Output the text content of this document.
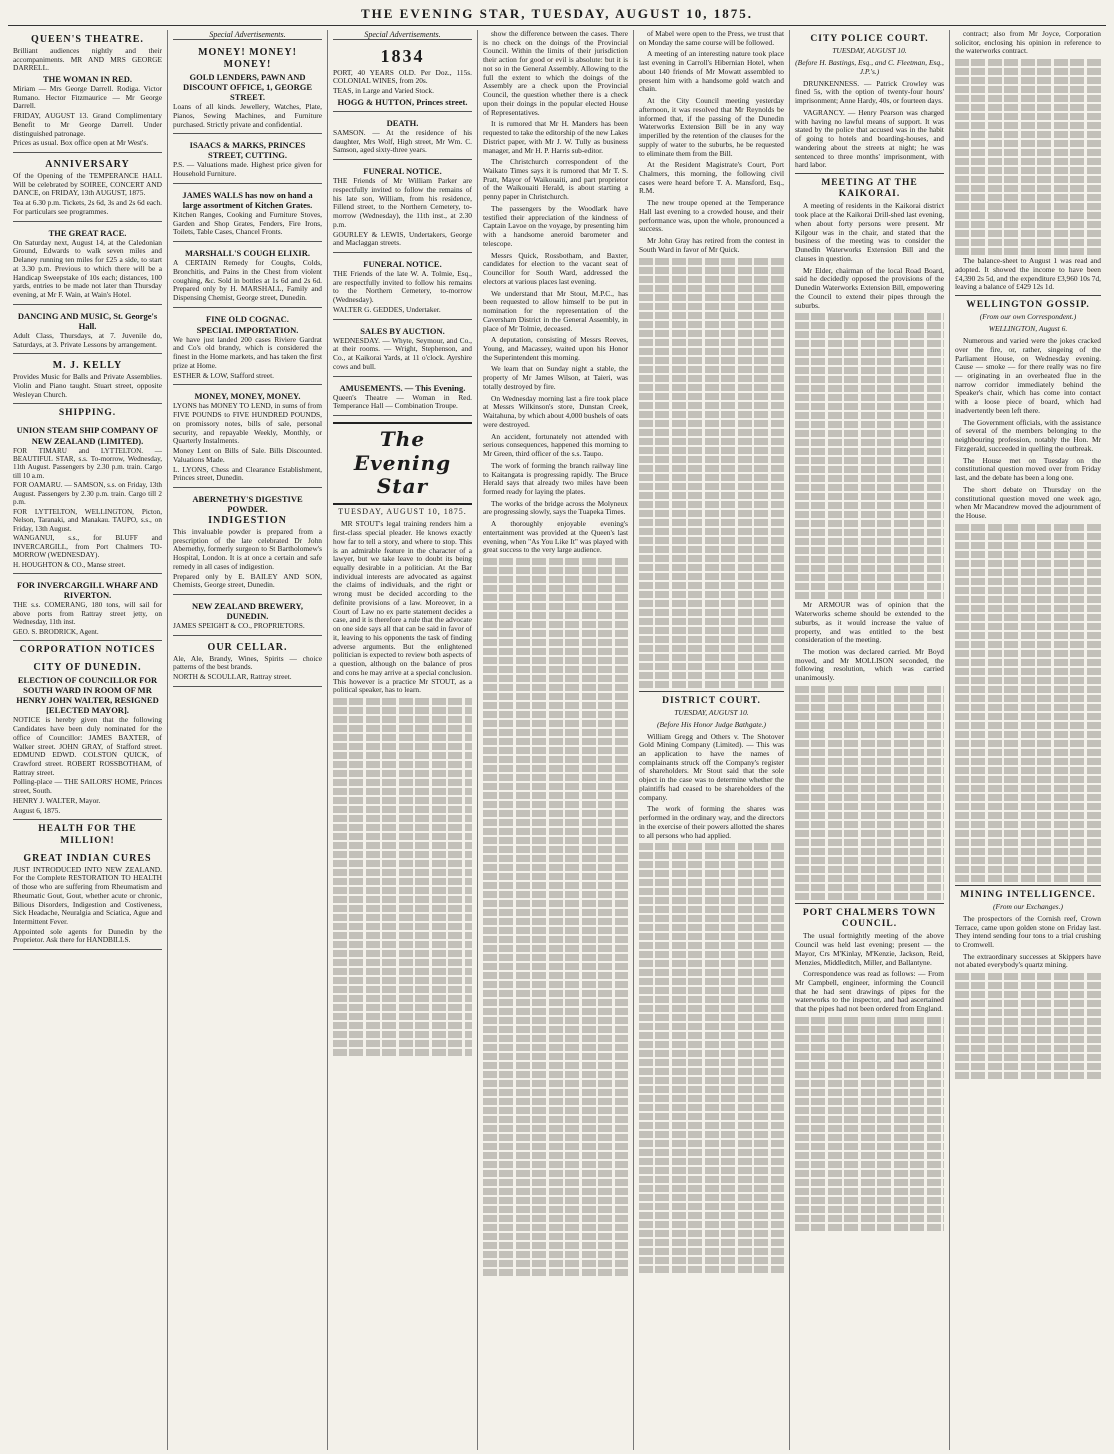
THE EVENING STAR, TUESDAY, AUGUST 10, 1875.
QUEEN'S THEATRE.

Brilliant audiences nightly and their accompaniments. MR AND MRS GEORGE DARRELL.

THE WOMAN IN RED.

Miriam — Mrs George Darrell. Rodiga. Victor Rumano. Hector Fitzmaurice — Mr George Darrell.

FRIDAY, AUGUST 13. Grand Complimentary Benefit to Mr George Darrell. Under distinguished patronage.

Prices as usual. Box office open at Mr West's.

ANNIVERSARY

Of the Opening of the TEMPERANCE HALL Will be celebrated by SOIREE, CONCERT AND DANCE, on FRIDAY, 13th AUGUST, 1875.

Tea at 6.30 p.m. Tickets, 2s 6d, 3s and 2s 6d each. For particulars see programmes.

THE GREAT RACE.

On Saturday next, August 14, at the Caledonian Ground, Edwards to walk seven miles and Delaney running ten miles for £25 a side, to start at 3.30 p.m. Previous to which there will be a Handicap Sweepstake of 10s each; distances, 100 yards, entries to be made not later than Thursday evening, at Mr F. Wain, at Wain's Hotel.

DANCING AND MUSIC, St. George's Hall.

Adult Class, Thursdays, at 7. Juvenile do, Saturdays, at 3. Private Lessons by arrangement.

M. J. KELLY

Provides Music for Balls and Private Assemblies. Violin and Piano taught. Stuart street, opposite Wesleyan Church.

SHIPPING.
UNION STEAM SHIP COMPANY OF NEW ZEALAND (LIMITED).

FOR TIMARU and LYTTELTON. — BEAUTIFUL STAR, s.s. To-morrow, Wednesday, 11th August. Passengers by 2.30 p.m. train. Cargo till 10 a.m.

FOR OAMARU. — SAMSON, s.s. on Friday, 13th August. Passengers by 2.30 p.m. train. Cargo till 2 p.m.

FOR LYTTELTON, WELLINGTON, Picton, Nelson, Taranaki, and Manakau. TAUPO, s.s., on Friday, 13th August.

WANGANUI, s.s., for BLUFF and INVERCARGILL, from Port Chalmers TO-MORROW (WEDNESDAY).

H. HOUGHTON & CO., Manse street.

FOR INVERCARGILL WHARF AND RIVERTON.

THE s.s. COMERANG, 180 tons, will sail for above ports from Rattray street jetty, on Wednesday, 11th inst.

GEO. S. BRODRICK, Agent.

CORPORATION NOTICES
CITY OF DUNEDIN.
ELECTION OF COUNCILLOR FOR SOUTH WARD IN ROOM OF MR HENRY JOHN WALTER, RESIGNED [ELECTED MAYOR].

NOTICE is hereby given that the following Candidates have been duly nominated for the office of Councillor: JAMES BAXTER, of Walker street. JOHN GRAY, of Stafford street. EDMUND EDWD. COLSTON QUICK, of Crawford street. ROBERT ROSSBOTHAM, of Rattray street.

Polling-place — THE SAILORS' HOME, Princes street, South.

HENRY J. WALTER, Mayor.

August 6, 1875.

HEALTH FOR THE MILLION!
GREAT INDIAN CURES

JUST INTRODUCED INTO NEW ZEALAND. For the Complete RESTORATION TO HEALTH of those who are suffering from Rheumatism and Rheumatic Gout, Gout, whether acute or chronic, Bilious Disorders, Indigestion and Costiveness, Sick Headache, Neuralgia and Sciatica, Ague and Intermittent Fever.

Appointed sole agents for Dunedin by the Proprietor. Ask there for HANDBILLS.

Special Advertisements.
MONEY! MONEY! MONEY!
GOLD LENDERS, PAWN AND DISCOUNT OFFICE, 1, GEORGE STREET.

Loans of all kinds. Jewellery, Watches, Plate, Pianos, Sewing Machines, and Furniture purchased. Strictly private and confidential.

ISAACS & MARKS, PRINCES STREET, CUTTING.

P.S. — Valuations made. Highest price given for Household Furniture.

JAMES WALLS has now on hand a large assortment of Kitchen Grates.

Kitchen Ranges, Cooking and Furniture Stoves, Garden and Shop Grates, Fenders, Fire Irons, Toilets, Table Cases, Chancel Fronts.

MARSHALL'S COUGH ELIXIR.

A CERTAIN Remedy for Coughs, Colds, Bronchitis, and Pains in the Chest from violent coughing, &c. Sold in bottles at 1s 6d and 2s 6d. Prepared only by H. MARSHALL, Family and Dispensing Chemist, George street, Dunedin.

FINE OLD COGNAC.
SPECIAL IMPORTATION.

We have just landed 200 cases Riviere Gardrat and Co's old brandy, which is considered the finest in the Home markets, and has taken the first prize at Home.

ESTHER & LOW, Stafford street.

MONEY, MONEY, MONEY.

LYONS has MONEY TO LEND, in sums of from FIVE POUNDS to FIVE HUNDRED POUNDS, on promissory notes, bills of sale, personal security, and repayable Weekly, Monthly, or Quarterly Instalments.

Money Lent on Bills of Sale. Bills Discounted. Valuations Made.

L. LYONS, Chess and Clearance Establishment, Princes street, Dunedin.

ABERNETHY'S DIGESTIVE POWDER.
INDIGESTION

This invaluable powder is prepared from a prescription of the late celebrated Dr John Abernethy, formerly surgeon to St Bartholomew's Hospital, London. It is at once a certain and safe remedy in all cases of indigestion.

Prepared only by E. BAILEY AND SON, Chemists, George street, Dunedin.

NEW ZEALAND BREWERY, DUNEDIN.

JAMES SPEIGHT & CO., PROPRIETORS.

OUR CELLAR.

Ale, Ale, Brandy, Wines, Spirits — choice patterns of the best brands.

NORTH & SCOULLAR, Rattray street.

Special Advertisements.
1834

PORT, 40 YEARS OLD. Per Doz., 115s. COLONIAL WINES, from 20s.

TEAS, in Large and Varied Stock.

HOGG & HUTTON, Princes street.
DEATH.

SAMSON. — At the residence of his daughter, Mrs Wolf, High street, Mr Wm. C. Samson, aged sixty-three years.

FUNERAL NOTICE.

THE Friends of Mr William Parker are respectfully invited to follow the remains of his late son, William, from his residence, Fillend street, to the Northern Cemetery, to-morrow (Wednesday), the 11th inst., at 2.30 p.m.

GOURLEY & LEWIS, Undertakers, George and Maclaggan streets.

FUNERAL NOTICE.

THE Friends of the late W. A. Tolmie, Esq., are respectfully invited to follow his remains to the Northern Cemetery, to-morrow (Wednesday).

WALTER G. GEDDES, Undertaker.

SALES BY AUCTION.

WEDNESDAY. — Whyte, Seymour, and Co., at their rooms. — Wright, Stephenson, and Co., at Kaikorai Yards, at 11 o'clock. Ayrshire cows and bull.

AMUSEMENTS. — This Evening.

Queen's Theatre — Woman in Red. Temperance Hall — Combination Troupe.

The Evening Star
TUESDAY, AUGUST 10, 1875.

MR STOUT's legal training renders him a first-class special pleader. He knows exactly how far to tell a story, and where to stop. This is an admirable feature in the character of a lawyer, but we take leave to doubt its being equally desirable in a politician. At the Bar individual interests are advocated as against the claims of individuals, and the right or wrong must be decided according to the definite provisions of a law. Moreover, in a Court of Law no ex parte statement decides a case, and it is therefore a rule that the advocate on one side says all that can be said in favor of it, leaving to his opponents the task of finding adverse arguments. But the enlightened politician is expected to review both aspects of a question, although on the balance of pros and cons he may arrive at a special conclusion. This however is a practice Mr STOUT, as a political speaker, has to learn.

show the difference between the cases. There is no check on the doings of the Provincial Council. Within the limits of their jurisdiction their action for good or evil is absolute: but it is not so in the General Assembly. Allowing to the full the extent to which the doings of the Assembly are a check upon the Provincial Council, the question whether there is a check upon their doings in the popular elected House of Representatives.

It is rumored that Mr H. Manders has been requested to take the editorship of the new Lakes District paper, with Mr J. W. Tully as business manager, and Mr H. P. Harris sub-editor.

The Christchurch correspondent of the Waikato Times says it is rumored that Mr T. S. Pratt, Mayor of Waikouaiti, and part proprietor of the Waikouaiti Herald, is about starting a penny paper in Christchurch.

The passengers by the Woodlark have testified their appreciation of the kindness of Captain Lavoe on the voyage, by presenting him with a handsome aneroid barometer and telescope.

Messrs Quick, Rossbotham, and Baxter, candidates for election to the vacant seat of Councillor for South Ward, addressed the electors at various places last evening.

We understand that Mr Stout, M.P.C., has been requested to allow himself to be put in nomination for the representation of the Caversham District in the General Assembly, in place of Mr Tolmie, deceased.

A deputation, consisting of Messrs Reeves, Young, and Macassey, waited upon his Honor the Superintendent this morning.

We learn that on Sunday night a stable, the property of Mr James Wilson, at Taieri, was totally destroyed by fire.

On Wednesday morning last a fire took place at Messrs Wilkinson's store, Dunstan Creek, Waitahuna, by which about 4,000 bushels of oats were destroyed.

An accident, fortunately not attended with serious consequences, happened this morning to Mr Green, third officer of the s.s. Taupo.

The work of forming the branch railway line to Kaitangata is progressing rapidly. The Bruce Herald says that already two miles have been formed ready for laying the plates.

The works of the bridge across the Molyneux are progressing slowly, says the Tuapeka Times.

A thoroughly enjoyable evening's entertainment was provided at the Queen's last evening, when "As You Like It" was played with great success to the very large audience.

of Mabel were open to the Press, we trust that on Monday the same course will be followed.

A meeting of an interesting nature took place last evening in Carroll's Hibernian Hotel, when about 140 friends of Mr Mowatt assembled to present him with a handsome gold watch and chain.

At the City Council meeting yesterday afternoon, it was resolved that Mr Reynolds be informed that, if the passing of the Dunedin Waterworks Extension Bill be in any way imperilled by the retention of the clauses for the supply of water to the suburbs, he be requested to eliminate them from the Bill.

At the Resident Magistrate's Court, Port Chalmers, this morning, the following civil cases were heard before T. A. Mansford, Esq., R.M.

The new troupe opened at the Temperance Hall last evening to a crowded house, and their performance was, upon the whole, pronounced a success.

Mr John Gray has retired from the contest in South Ward in favor of Mr Quick.

DISTRICT COURT.
TUESDAY, AUGUST 10.
(Before His Honor Judge Bathgate.)

William Gregg and Others v. The Shotover Gold Mining Company (Limited). — This was an application to have the names of complainants struck off the Company's register of shareholders. Mr Stout said that the sole object in the case was to determine whether the plaintiffs had ceased to be shareholders of the company.

The work of forming the shares was performed in the ordinary way, and the directors in the exercise of their powers allotted the shares to all persons who had applied.

CITY POLICE COURT.
TUESDAY, AUGUST 10.
(Before H. Bastings, Esq., and C. Fleetman, Esq., J.P.'s.)

DRUNKENNESS. — Patrick Crowley was fined 5s, with the option of twenty-four hours' imprisonment; Anne Hardy, 40s, or fourteen days.

VAGRANCY. — Henry Pearson was charged with having no lawful means of support. It was stated by the police that accused was in the habit of going to hotels and boarding-houses, and wandering about the streets at night; he was sentenced to three months' imprisonment, with hard labor.

MEETING AT THE KAIKORAI.

A meeting of residents in the Kaikorai district took place at the Kaikorai Drill-shed last evening, when about forty persons were present. Mr Kilgour was in the chair, and stated that the business of the meeting was to consider the Dunedin Waterworks Extension Bill and the clauses in question.

Mr Elder, chairman of the local Road Board, said he decidedly opposed the provisions of the Dunedin Waterworks Extension Bill, empowering the Council to extend their pipes through the suburbs.

Mr ARMOUR was of opinion that the Waterworks scheme should be extended to the suburbs, as it would increase the value of property, and was entitled to the best consideration of the meeting.

The motion was declared carried. Mr Boyd moved, and Mr MOLLISON seconded, the following resolution, which was carried unanimously.

PORT CHALMERS TOWN COUNCIL.

The usual fortnightly meeting of the above Council was held last evening; present — the Mayor, Crs M'Kinlay, M'Kenzie, Jackson, Reid, Menzies, Middleditch, Miller, and Ballantyne.

Correspondence was read as follows: — From Mr Campbell, engineer, informing the Council that he had sent drawings of pipes for the waterworks to the inspector, and had ascertained that the pipes had not been ordered from England.

contract; also from Mr Joyce, Corporation solicitor, enclosing his opinion in reference to the waterworks contract.

The balance-sheet to August 1 was read and adopted. It showed the income to have been £4,390 2s 5d, and the expenditure £3,960 10s 7d, leaving a balance of £429 12s 1d.

WELLINGTON GOSSIP.
(From our own Correspondent.)
WELLINGTON, August 6.

Numerous and varied were the jokes cracked over the fire, or, rather, singeing of the Parliament House, on Wednesday evening. Cause — smoke — for there really was no fire — originating in an overheated flue in the narrow corridor immediately behind the Speaker's chair, which has come into contact with a loose piece of board, which had inadvertently been left there.

The Government officials, with the assistance of several of the members belonging to the neighbouring profession, notably the Hon. Mr Fitzgerald, succeeded in quelling the outbreak.

The House met on Tuesday on the constitutional question moved over from Friday last, and the debate has been a long one.

The short debate on Thursday on the constitutional question moved one week ago, when Mr Macandrew moved the adjournment of the House.

MINING INTELLIGENCE.
(From our Exchanges.)

The prospectors of the Cornish reef, Crown Terrace, came upon golden stone on Friday last. They intend sending four tons to a trial crushing to Cromwell.

The extraordinary successes at Skippers have not abated everybody's quartz mining.
